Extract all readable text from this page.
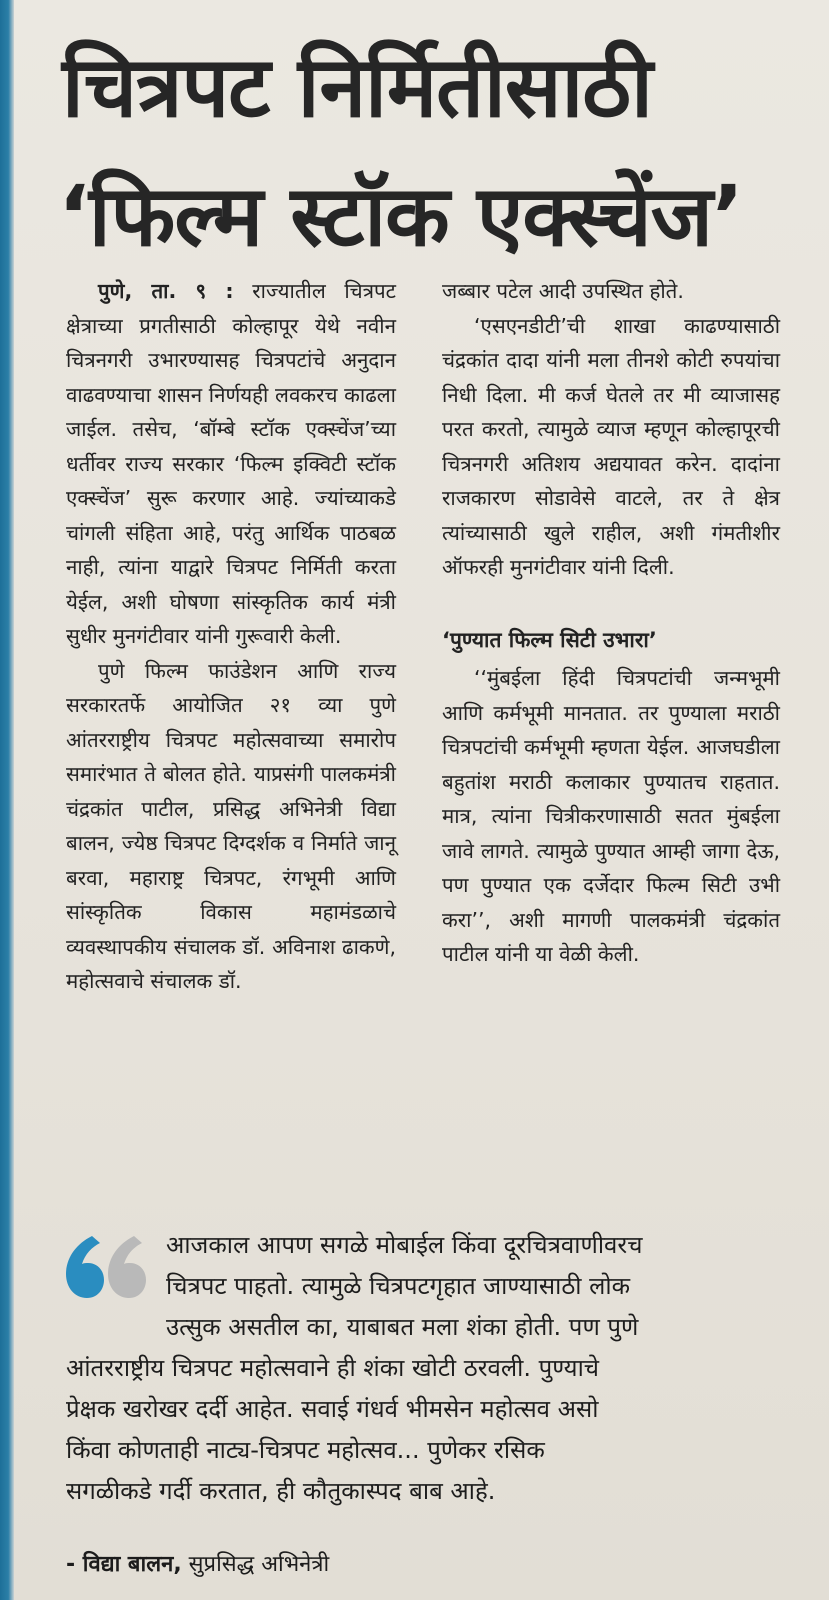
चित्रपट निर्मितीसाठी
‘फिल्म स्टॉक एक्स्चेंज’

पुणे, ता. ९ : राज्यातील चित्रपट क्षेत्राच्या प्रगतीसाठी कोल्हापूर येथे नवीन चित्रनगरी उभारण्यासह चित्रपटांचे अनुदान वाढवण्याचा शासन निर्णयही लवकरच काढला जाईल. तसेच, ‘बॉम्बे स्टॉक एक्स्चेंज’च्या धर्तीवर राज्य सरकार ‘फिल्म इक्विटी स्टॉक एक्स्चेंज’ सुरू करणार आहे. ज्यांच्याकडे चांगली संहिता आहे, परंतु आर्थिक पाठबळ नाही, त्यांना याद्वारे चित्रपट निर्मिती करता येईल, अशी घोषणा सांस्कृतिक कार्य मंत्री सुधीर मुनगंटीवार यांनी गुरूवारी केली.

पुणे फिल्म फाउंडेशन आणि राज्य सरकारतर्फे आयोजित २१ व्या पुणे आंतरराष्ट्रीय चित्रपट महोत्सवाच्या समारोप समारंभात ते बोलत होते. याप्रसंगी पालकमंत्री चंद्रकांत पाटील, प्रसिद्ध अभिनेत्री विद्या बालन, ज्येष्ठ चित्रपट दिग्दर्शक व निर्माते जानू बरवा, महाराष्ट्र चित्रपट, रंगभूमी आणि सांस्कृतिक विकास महामंडळाचे व्यवस्थापकीय संचालक डॉ. अविनाश ढाकणे, महोत्सवाचे संचालक डॉ.

जब्बार पटेल आदी उपस्थित होते.

‘एसएनडीटी’ची शाखा काढण्यासाठी चंद्रकांत दादा यांनी मला तीनशे कोटी रुपयांचा निधी दिला. मी कर्ज घेतले तर मी व्याजासह परत करतो, त्यामुळे व्याज म्हणून कोल्हापूरची चित्रनगरी अतिशय अद्ययावत करेन. दादांना राजकारण सोडावेसे वाटले, तर ते क्षेत्र त्यांच्यासाठी खुले राहील, अशी गंमतीशीर ऑफरही मुनगंटीवार यांनी दिली.

‘पुण्यात फिल्म सिटी उभारा’

‘‘मुंबईला हिंदी चित्रपटांची जन्मभूमी आणि कर्मभूमी मानतात. तर पुण्याला मराठी चित्रपटांची कर्मभूमी म्हणता येईल. आजघडीला बहुतांश मराठी कलाकार पुण्यातच राहतात. मात्र, त्यांना चित्रीकरणासाठी सतत मुंबईला जावे लागते. त्यामुळे पुण्यात आम्ही जागा देऊ, पण पुण्यात एक दर्जेदार फिल्म सिटी उभी करा’’, अशी मागणी पालकमंत्री चंद्रकांत पाटील यांनी या वेळी केली.

आजकाल आपण सगळे मोबाईल किंवा दूरचित्रवाणीवरच

चित्रपट पाहतो. त्यामुळे चित्रपटगृहात जाण्यासाठी लोक

उत्सुक असतील का, याबाबत मला शंका होती. पण पुणे

आंतरराष्ट्रीय चित्रपट महोत्सवाने ही शंका खोटी ठरवली. पुण्याचे

प्रेक्षक खरोखर दर्दी आहेत. सवाई गंधर्व भीमसेन महोत्सव असो

किंवा कोणताही नाट्य-चित्रपट महोत्सव... पुणेकर रसिक

सगळीकडे गर्दी करतात, ही कौतुकास्पद बाब आहे.

- विद्या बालन, सुप्रसिद्ध अभिनेत्री
